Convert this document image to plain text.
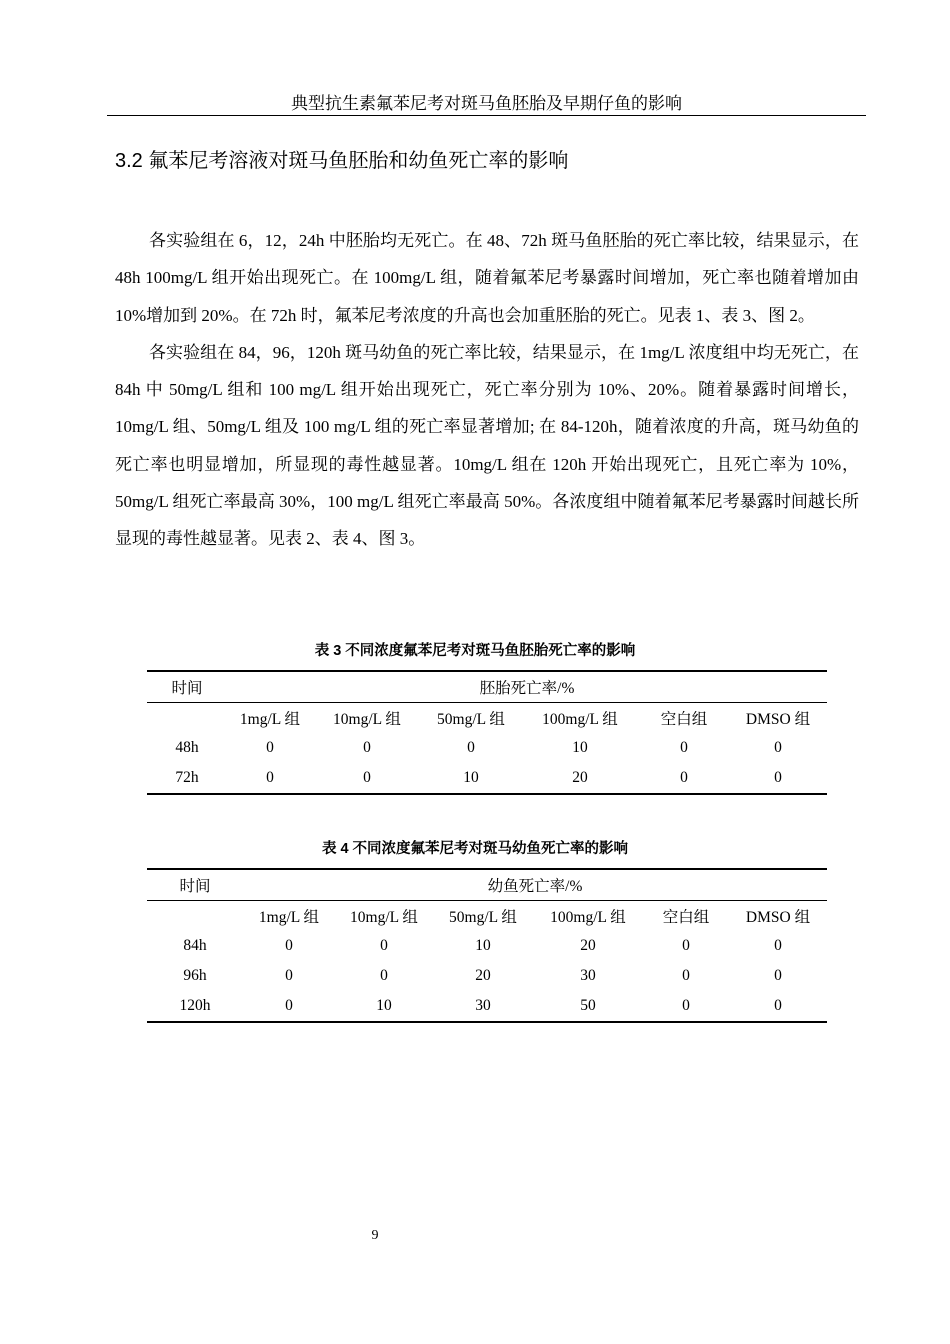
典型抗生素氟苯尼考对斑马鱼胚胎及早期仔鱼的影响
3.2 氟苯尼考溶液对斑马鱼胚胎和幼鱼死亡率的影响

各实验组在 6，12，24h 中胚胎均无死亡。在 48、72h 斑马鱼胚胎的死亡率比较，结果显示，在 48h 100mg/L 组开始出现死亡。在 100mg/L 组，随着氟苯尼考暴露时间增加，死亡率也随着增加由 10%增加到 20%。在 72h 时，氟苯尼考浓度的升高也会加重胚胎的死亡。见表 1、表 3、图 2。

各实验组在 84，96，120h 斑马幼鱼的死亡率比较，结果显示，在 1mg/L 浓度组中均无死亡，在 84h 中 50mg/L 组和 100 mg/L 组开始出现死亡，死亡率分别为 10%、20%。随着暴露时间增长，10mg/L 组、50mg/L 组及 100 mg/L 组的死亡率显著增加; 在 84-120h，随着浓度的升高，斑马幼鱼的死亡率也明显增加，所显现的毒性越显著。10mg/L 组在 120h 开始出现死亡，且死亡率为 10%，50mg/L 组死亡率最高 30%，100 mg/L 组死亡率最高 50%。各浓度组中随着氟苯尼考暴露时间越长所显现的毒性越显著。见表 2、表 4、图 3。

表 3 不同浓度氟苯尼考对斑马鱼胚胎死亡率的影响
时间	胚胎死亡率/%
	1mg/L 组	10mg/L 组	50mg/L 组	100mg/L 组	空白组	DMSO 组
48h	0	0	0	10	0	0
72h	0	0	10	20	0	0
表 4 不同浓度氟苯尼考对斑马幼鱼死亡率的影响
时间	幼鱼死亡率/%
	1mg/L 组	10mg/L 组	50mg/L 组	100mg/L 组	空白组	DMSO 组
84h	0	0	10	20	0	0
96h	0	0	20	30	0	0
120h	0	10	30	50	0	0
9
